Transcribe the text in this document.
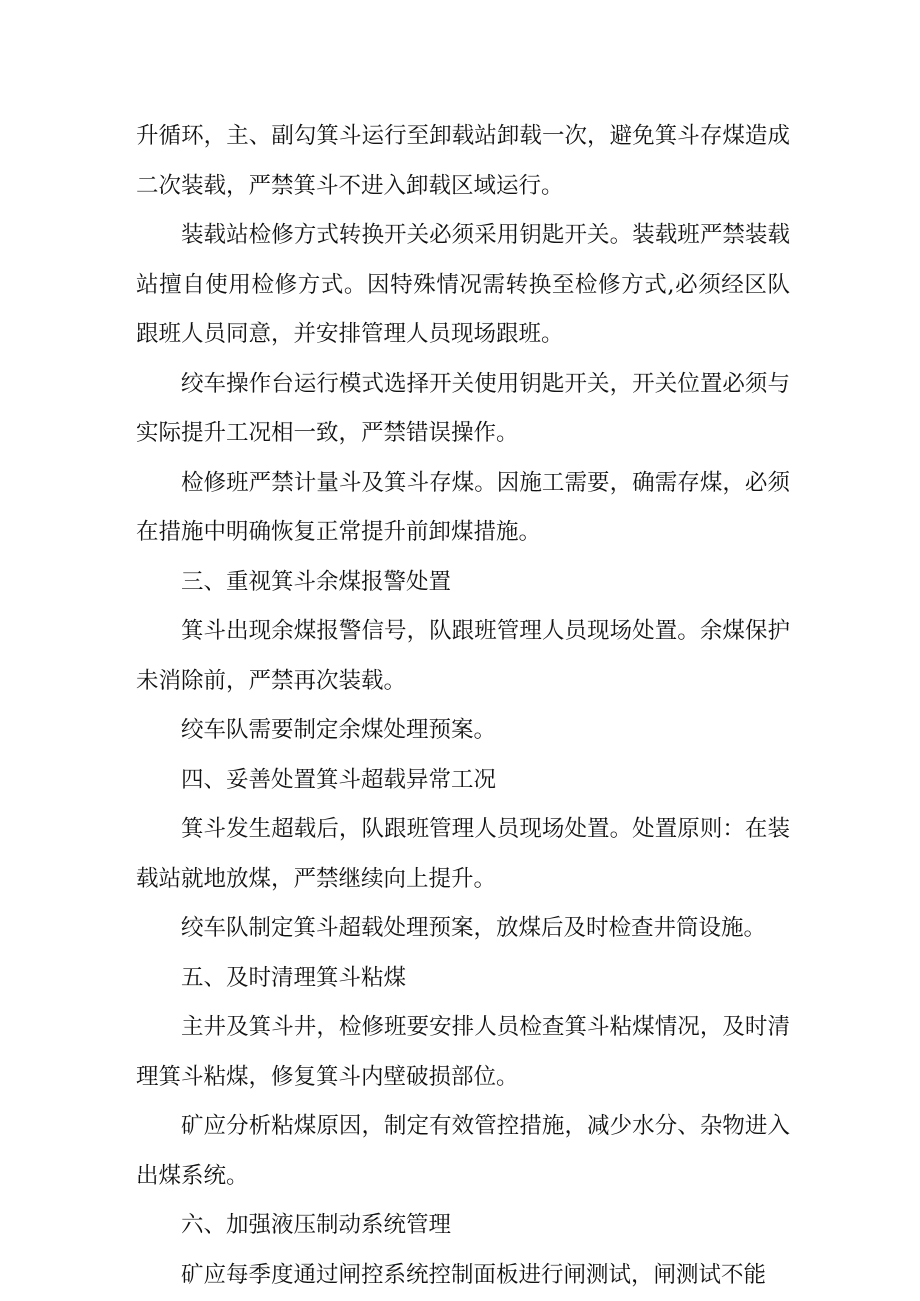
升循环，主、副勾箕斗运行至卸载站卸载一次，避免箕斗存煤造成二次装载，严禁箕斗不进入卸载区域运行。

装载站检修方式转换开关必须采用钥匙开关。装载班严禁装载站擅自使用检修方式。因特殊情况需转换至检修方式,必须经区队跟班人员同意，并安排管理人员现场跟班。

绞车操作台运行模式选择开关使用钥匙开关，开关位置必须与实际提升工况相一致，严禁错误操作。

检修班严禁计量斗及箕斗存煤。因施工需要，确需存煤，必须在措施中明确恢复正常提升前卸煤措施。

三、重视箕斗余煤报警处置

箕斗出现余煤报警信号，队跟班管理人员现场处置。余煤保护未消除前，严禁再次装载。

绞车队需要制定余煤处理预案。

四、妥善处置箕斗超载异常工况

箕斗发生超载后，队跟班管理人员现场处置。处置原则：在装载站就地放煤，严禁继续向上提升。

绞车队制定箕斗超载处理预案，放煤后及时检查井筒设施。

五、及时清理箕斗粘煤

主井及箕斗井，检修班要安排人员检查箕斗粘煤情况，及时清理箕斗粘煤，修复箕斗内壁破损部位。

矿应分析粘煤原因，制定有效管控措施，减少水分、杂物进入出煤系统。

六、加强液压制动系统管理

矿应每季度通过闸控系统控制面板进行闸测试，闸测试不能
